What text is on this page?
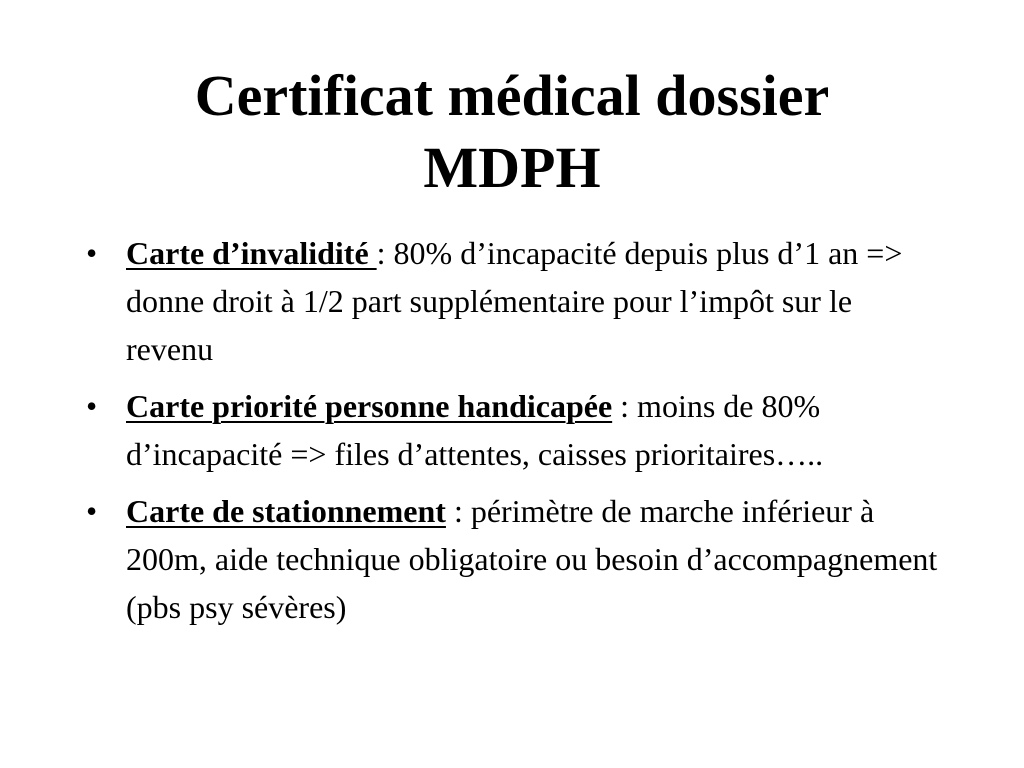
Certificat médical dossier
MDPH
• Carte d’invalidité : 80% d’incapacité depuis plus d’1 an => donne droit à 1/2 part supplémentaire pour l’impôt sur le revenu
• Carte priorité personne handicapée : moins de 80% d’incapacité => files d’attentes, caisses prioritaires…..
• Carte de stationnement : périmètre de marche inférieur à 200m, aide technique obligatoire ou besoin d’accompagnement (pbs psy sévères)
